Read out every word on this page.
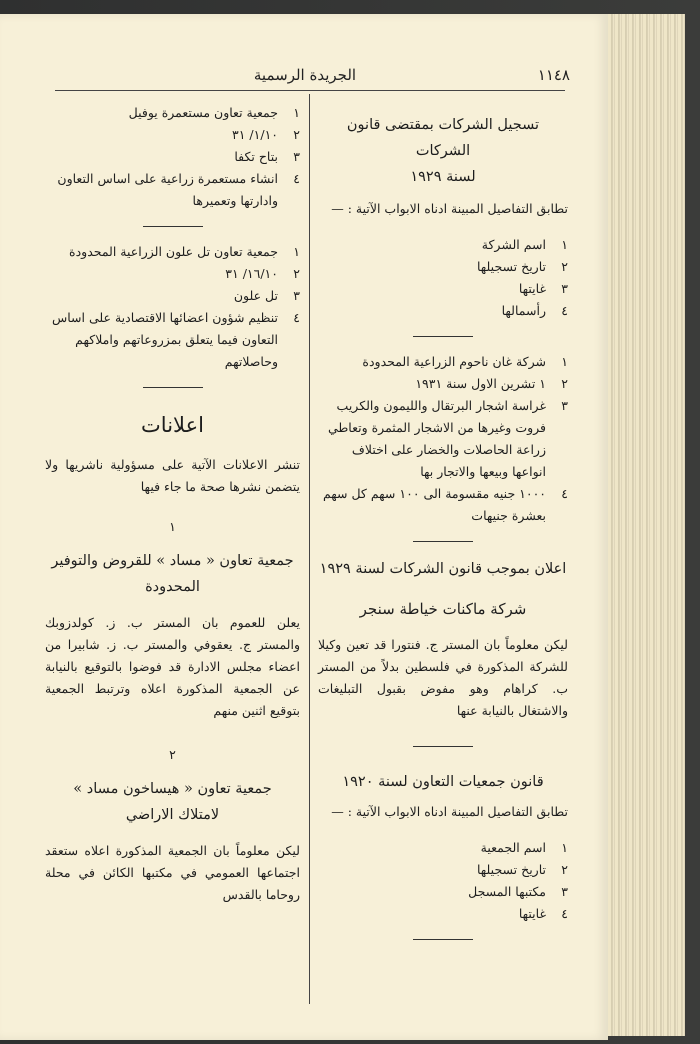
١١٤٨
الجريدة الرسمية

تسجيل الشركات بمقتضى قانون الشركات

لسنة ١٩٢٩

تطابق التفاصيل المبينة ادناه الابواب الآتية : —

١
اسم الشركة
٢
تاريخ تسجيلها
٣
غايتها
٤
رأسمالها
١
شركة غان ناحوم الزراعية المحدودة
٢
١ تشرين الاول سنة ١٩٣١
٣
غراسة اشجار البرتقال والليمون والكريب فروت وغيرها من الاشجار المثمرة وتعاطي زراعة الحاصلات والخضار على اختلاف انواعها وبيعها والاتجار بها
٤
١٠٠٠ جنيه مقسومة الى ١٠٠ سهم كل سهم بعشرة جنيهات

اعلان بموجب قانون الشركات لسنة ١٩٢٩

شركة ماكنات خياطة سنجر

ليكن معلوماً بان المستر ج. فنتورا قد تعين وكيلا للشركة المذكورة في فلسطين بدلاً من المستر ب. كراهام وهو مفوض بقبول التبليغات والاشتغال بالنيابة عنها

قانون جمعيات التعاون لسنة ١٩٢٠

تطابق التفاصيل المبينة ادناه الابواب الآتية : —

١
اسم الجمعية
٢
تاريخ تسجيلها
٣
مكتبها المسجل
٤
غايتها
١
جمعية تعاون مستعمرة يوفيل
٢
١/١٠/ ٣١
٣
بتاح تكفا
٤
انشاء مستعمرة زراعية على اساس التعاون وادارتها وتعميرها
١
جمعية تعاون تل علون الزراعية المحدودة
٢
١٦/١٠/ ٣١
٣
تل علون
٤
تنظيم شؤون اعضائها الاقتصادية على اساس التعاون فيما يتعلق بمزروعاتهم واملاكهم وحاصلاتهم
اعلانات

تنشر الاعلانات الآتية على مسؤولية ناشريها ولا يتضمن نشرها صحة ما جاء فيها

١

جمعية تعاون « مساد » للقروض والتوفير المحدودة

يعلن للعموم بان المستر ب. ز. كولدزوبك والمستر ج. يعقوفي والمستر ب. ز. شابيرا من اعضاء مجلس الادارة قد فوضوا بالتوقيع بالنيابة عن الجمعية المذكورة اعلاه وترتبط الجمعية بتوقيع اثنين منهم

٢

جمعية تعاون « هيساخون مساد »

لامتلاك الاراضي

ليكن معلوماً بان الجمعية المذكورة اعلاه ستعقد اجتماعها العمومي في مكتبها الكائن في محلة روحاما بالقدس
